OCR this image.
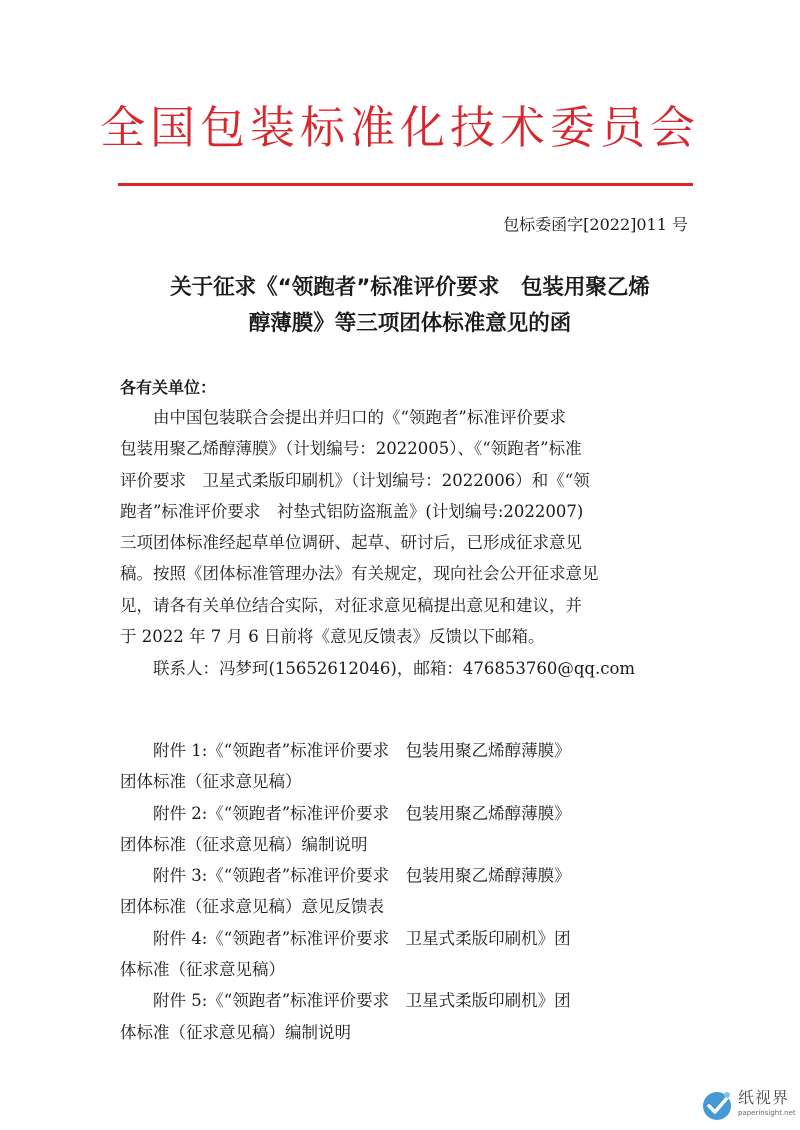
全国包装标准化技术委员会
包标委函字[2022]011 号
关于征求《“领跑者”标准评价要求　包装用聚乙烯
醇薄膜》等三项团体标准意见的函
各有关单位：
　　由中国包装联合会提出并归口的《“领跑者”标准评价要求
包装用聚乙烯醇薄膜》（计划编号：2022005）、《“领跑者”标准
评价要求　卫星式柔版印刷机》（计划编号：2022006）和《“领
跑者”标准评价要求　衬垫式铝防盗瓶盖》(计划编号:2022007)
三项团体标准经起草单位调研、起草、研讨后，已形成征求意见
稿。按照《团体标准管理办法》有关规定，现向社会公开征求意见
见，请各有关单位结合实际，对征求意见稿提出意见和建议，并
于 2022 年 7 月 6 日前将《意见反馈表》反馈以下邮箱。
　　联系人：冯梦珂(15652612046)，邮箱：476853760@qq.com
　　附件 1:《“领跑者”标准评价要求　包装用聚乙烯醇薄膜》
团体标准（征求意见稿）
　　附件 2:《“领跑者”标准评价要求　包装用聚乙烯醇薄膜》
团体标准（征求意见稿）编制说明
　　附件 3:《“领跑者”标准评价要求　包装用聚乙烯醇薄膜》
团体标准（征求意见稿）意见反馈表
　　附件 4:《“领跑者”标准评价要求　卫星式柔版印刷机》团
体标准（征求意见稿）
　　附件 5:《“领跑者”标准评价要求　卫星式柔版印刷机》团
体标准（征求意见稿）编制说明
纸视界
paperinsight.net
